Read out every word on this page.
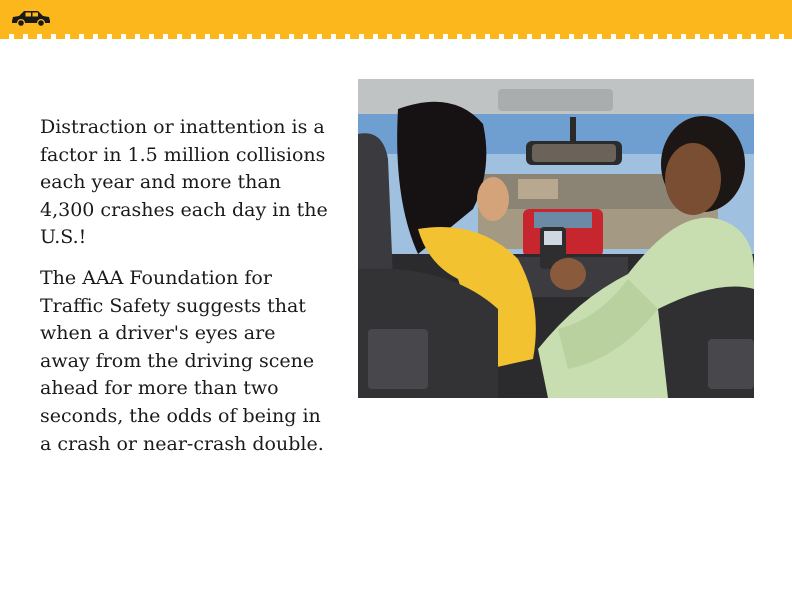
Distraction or inattention is a factor in 1.5 million collisions each year and more than 4,300 crashes each day in the U.S.!

The AAA Foundation for Traffic Safety suggests that when a driver's eyes are away from the driving scene ahead for more than two seconds, the odds of being in a crash or near-crash double.
